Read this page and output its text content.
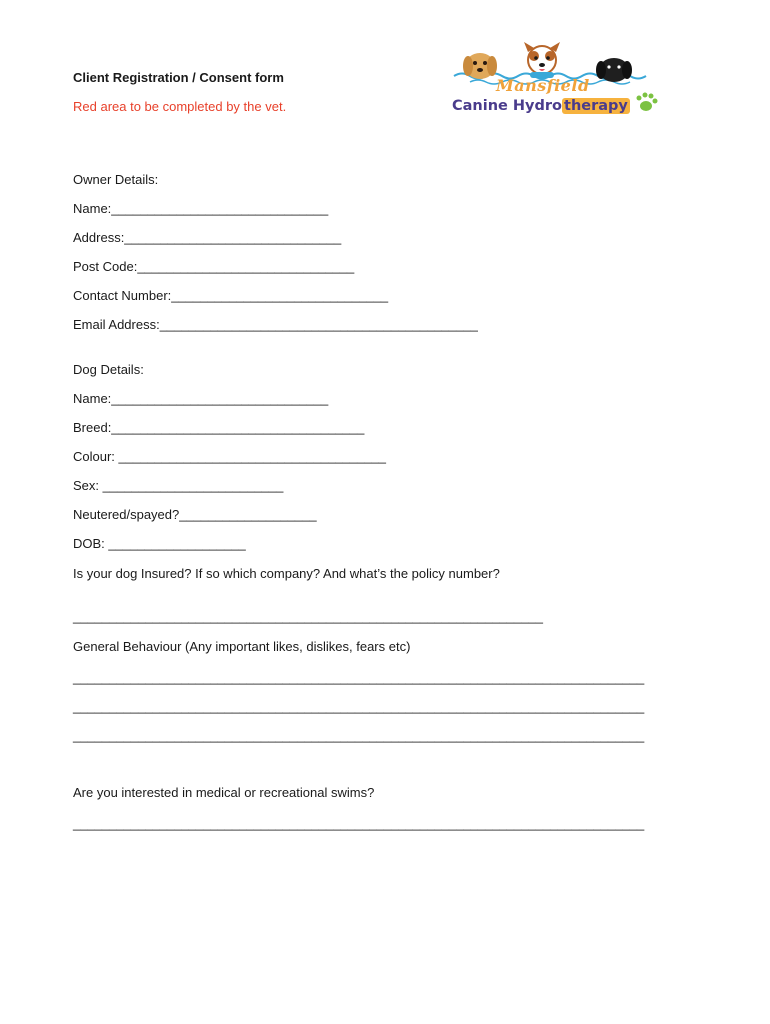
Client Registration / Consent form
Red area to be completed by the vet.
Mansfield
Canine Hydro therapy
Owner Details:
Name:______________________________
Address:______________________________
Post Code:______________________________
Contact Number:______________________________
Email Address:____________________________________________
Dog Details:
Name:______________________________
Breed:___________________________________
Colour: _____________________________________
Sex: _________________________
Neutered/spayed?___________________
DOB: ___________________
Is your dog Insured? If so which company? And what’s the policy number?
_________________________________________________________________
General Behaviour (Any important likes, dislikes, fears etc)
_______________________________________________________________________________
_______________________________________________________________________________
_______________________________________________________________________________
Are you interested in medical or recreational swims?
_______________________________________________________________________________
